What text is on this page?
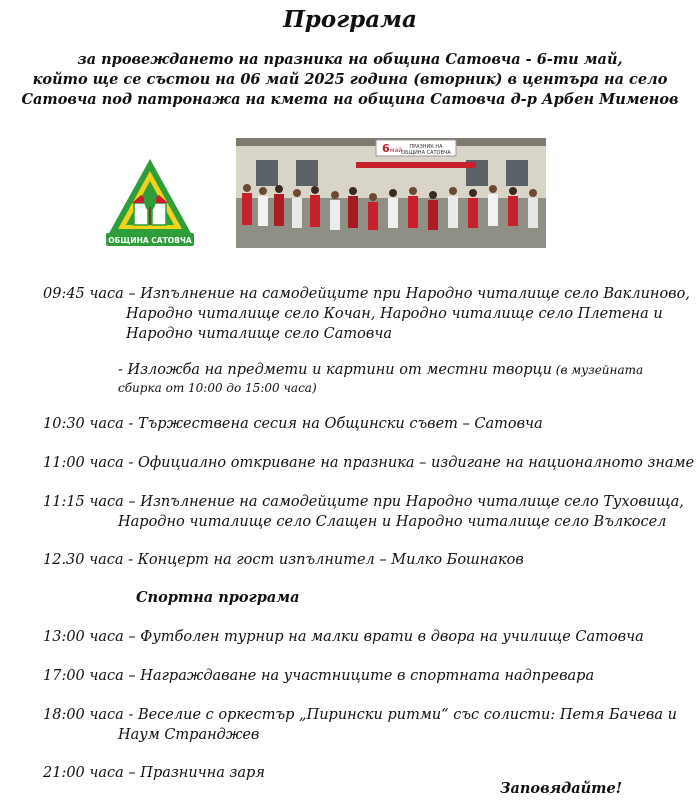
Програма
за провеждането на празника на община Сатовча - 6-ти май,
който ще се състои на 06 май 2025 година (вторник) в центъра на село
Сатовча под патронажа на кмета на община Сатовча д-р Арбен Мименов
ОБЩИНА САТОВЧА
6 май ПРАЗНИК НА
ОБЩИНА САТОВЧА
09:45 часа – Изпълнение на самодейците при Народно читалище село Ваклиново,
Народно читалище село Кочан, Народно читалище село Плетена и
Народно читалище село Сатовча
- Изложба на предмети и картини от местни творци (в музейната
сбирка от 10:00 до 15:00 часа)
10:30 часа - Тържествена сесия на Общински съвет – Сатовча
11:00 часа - Официално откриване на празника – издигане на националното знаме
11:15 часа – Изпълнение на самодейците при Народно читалище село Туховища,
Народно читалище село Слащен и Народно читалище село Вълкосел
12.30 часа - Концерт на гост изпълнител – Милко Бошнаков
Спортна програма
13:00 часа – Футболен турнир на малки врати в двора на училище Сатовча
17:00 часа – Награждаване на участниците в спортната надпревара
18:00 часа - Веселие с оркестър „Пирински ритми“ със солисти: Петя Бачева и
Наум Странджев
21:00 часа – Празнична заря
Заповядайте!
